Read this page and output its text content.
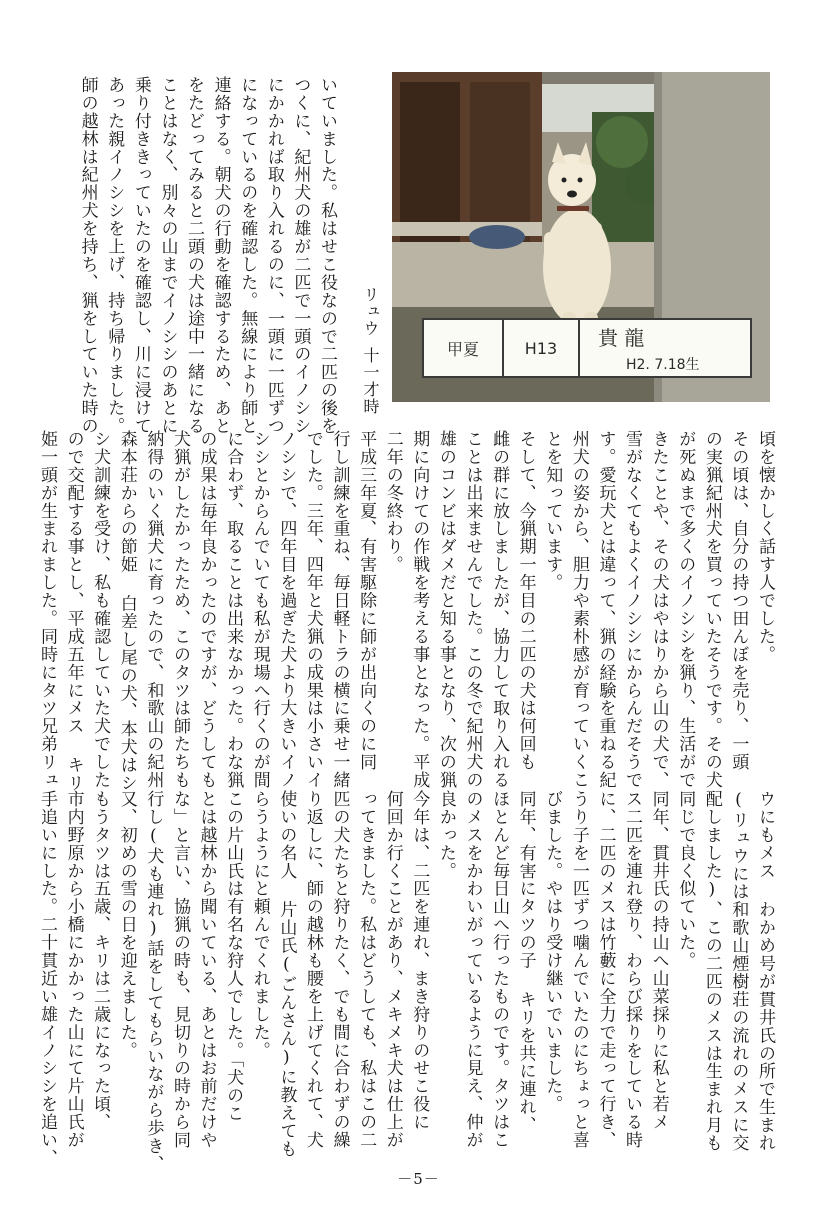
いていました。私はせこ役なので二匹の後を
つくに、紀州犬の雄が二匹で一頭のイノシシ
にかかれば取り入れるのに、一頭に一匹ずつ
になっているのを確認した。無線により師と
連絡する。朝犬の行動を確認するため、あと
をたどってみると二頭の犬は途中一緒になる
ことはなく、別々の山までイノシシのあとに
乗り付ききっていたのを確認し、川に浸けて
あった親イノシシを上げ、持ち帰りました。
師の越林は紀州犬を持ち、猟をしていた時の	リュウ十一才時	甲夏	H13	貴 龍
H2. 7.18生
頃を懐かしく話す人でした。
その頃は、自分の持つ田んぼを売り、一頭
の実猟紀州犬を買っていたそうです。その犬
が死ぬまで多くのイノシシを猟り、生活がで
きたことや、その犬はやはりから山の犬で、
雪がなくてもよくイノシシにからんだそうで
す。愛玩犬とは違って、猟の経験を重ねる紀
州犬の姿から、胆力や素朴感が育っていくこ
とを知っています。
そして、今猟期一年目の二匹の犬は何回も
雌の群に放しましたが、協力して取り入れる
ことは出来ませんでした。この冬で紀州犬の
雄のコンビはダメだと知る事となり、次の猟
期に向けての作戦を考える事となった。平成
二年の冬終わり。
平成三年夏、有害駆除に師が出向くのに同
行し訓練を重ね、毎日軽トラの横に乗せ一緒
でした。三年、四年と犬猟の成果は小さいイ
ノシシで、四年目を過ぎた犬より大きいイノ
シシとからんでいても私が現場へ行くのが間
に合わず、取ることは出来なかった。わな猟
の成果は毎年良かったのですが、どうしても
犬猟がしたかったため、このタツは師たちも
納得のいく猟犬に育ったので、和歌山の紀州
森本荘からの節姫 白差し尾の犬、本犬はシ
シ犬訓練を受け、私も確認していた犬でした
ので交配する事とし、平成五年にメス キリ
姫一頭が生まれました。同時にタツ兄弟リュ
ウにもメス わかめ号が貫井氏の所で生まれ
(リュウには和歌山煙樹荘の流れのメスに交
配しました)、この二匹のメスは生まれ月も
同じで良く似ていた。
同年、貫井氏の持山へ山菜採りに私と若メ
ス二匹を連れ登り、わらび採りをしている時
に、二匹のメスは竹藪に全力で走って行き、
うり子を一匹ずつ噛んでいたのにちょっと喜
びました。やはり受け継いでいました。
同年、有害にタツの子 キリを共に連れ、
ほとんど毎日山へ行ったものです。タツはこ
のメスをかわいがっているように見え、仲が
良かった。
今年は、二匹を連れ、まき狩りのせこ役に
何回か行くことがあり、メキメキ犬は仕上が
ってきました。私はどうしても、私はこの二
匹の犬たちと狩りたく、でも間に合わずの繰
り返しに、師の越林も腰を上げてくれて、犬
使いの名人 片山氏(ごんさん)に教えても
らうようにと頼んでくれました。
この片山氏は有名な狩人でした。「犬のこ
とは越林から聞いている、あとはお前だけや
な」と言い、協猟の時も、見切りの時から同
行し(犬も連れ)話をしてもらいながら歩き、
又、初めの雪の日を迎えました。
もうタツは五歳、キリは二歳になった頃、
市内野原から小橋にかかった山にて片山氏が
手追いにした。二十貫近い雄イノシシを追い、
－5－
